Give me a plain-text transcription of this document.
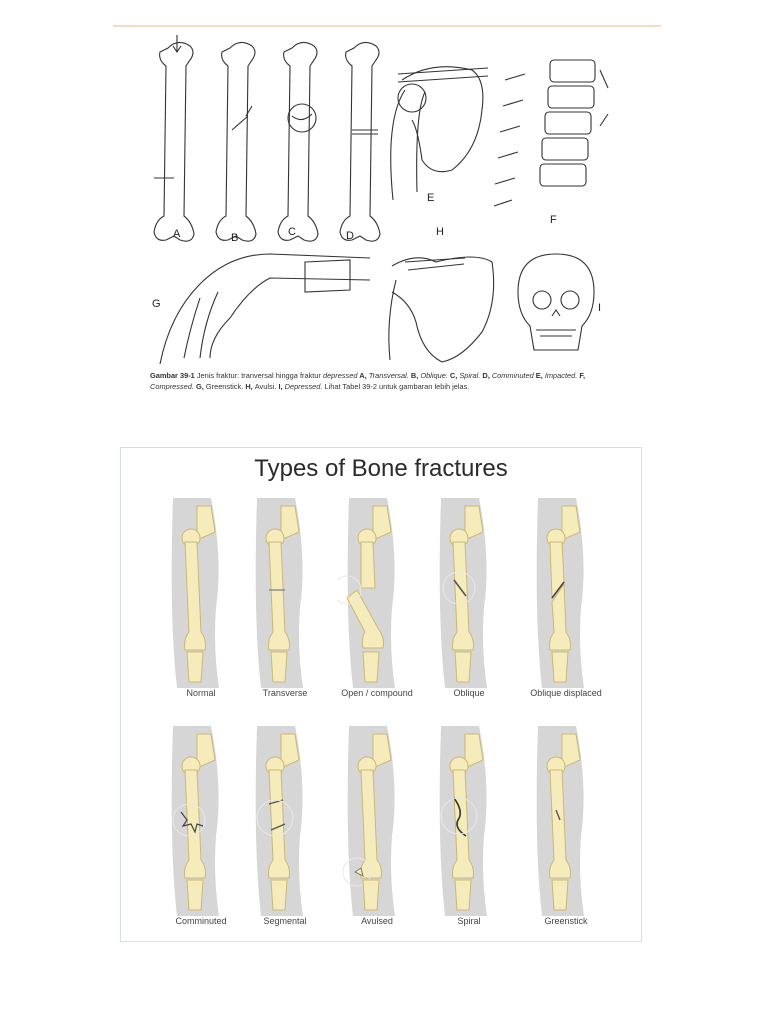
A	B	C	D
E
F
G
H
I
Gambar 39-1 Jenis fraktur: tranversal hingga fraktur depressed A, Transversal. B, Oblique. C, Spiral. D, Comminuted E, Impacted. F, Compressed. G, Greenstick. H, Avulsi. I, Depressed. Lihat Tabel 39-2 untuk gambaran lebih jelas.
Types of Bone fractures
Normal	Transverse	Open / compound	Oblique	Oblique displaced
Comminuted	Segmental	Avulsed	Spiral	Greenstick
